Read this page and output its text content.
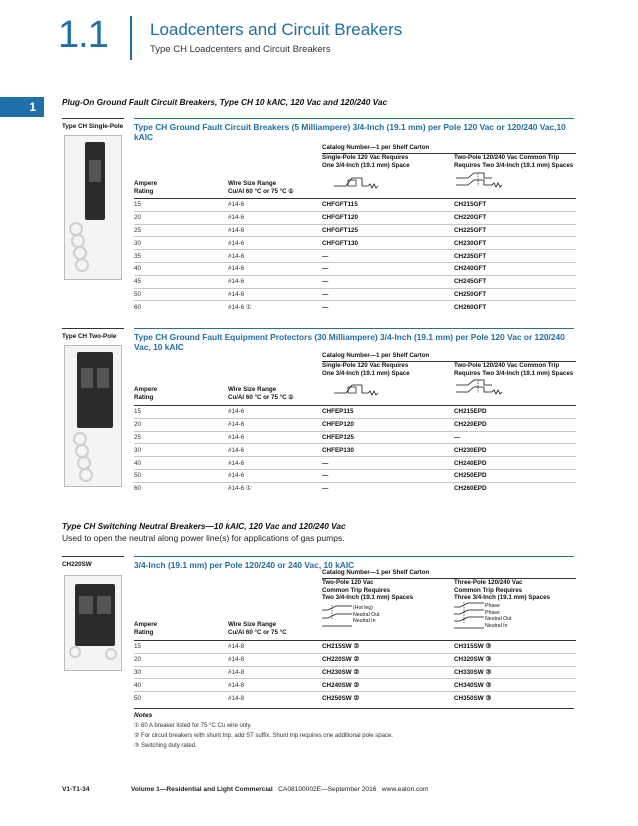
1.1 Loadcenters and Circuit Breakers
Type CH Loadcenters and Circuit Breakers
1	Plug-On Ground Fault Circuit Breakers, Type CH 10 kAIC, 120 Vac and 120/240 Vac
Type CH Single-Pole Type CH Ground Fault Circuit Breakers (5 Milliampere) 3/4-Inch (19.1 mm) per Pole 120 Vac or 120/240 Vac,10 kAIC
Catalog Number—1 per Shelf Carton
Single-Pole 120 Vac Requires
One 3/4-Inch (19.1 mm) Space
Two-Pole 120/240 Vac Common Trip
Requires Two 3/4-Inch (19.1 mm) Spaces
Ampere
Rating
Wire Size Range
Cu/Al 60 °C or 75 °C ①
15	#14-6	CHFGFT115	CH215GFT
20	#14-6	CHFGFT120	CH220GFT
25	#14-6	CHFGFT125	CH225GFT
30	#14-6	CHFGFT130	CH230GFT
35	#14-6	—	CH235GFT
40	#14-6	—	CH240GFT
45	#14-6	—	CH245GFT
50	#14-6	—	CH250GFT
60	#14-6 ①	—	CH260GFT
Type CH Two-Pole	Type CH Ground Fault Equipment Protectors (30 Milliampere) 3/4-Inch (19.1 mm) per Pole 120 Vac or 120/240 Vac, 10 kAIC
Catalog Number—1 per Shelf Carton
Single-Pole 120 Vac Requires
One 3/4-Inch (19.1 mm) Space
Two-Pole 120/240 Vac Common Trip
Requires Two 3/4-Inch (19.1 mm) Spaces
Ampere
Rating
Wire Size Range
Cu/Al 60 °C or 75 °C ①
15	#14-6	CHFEP115	CH215EPD
20	#14-6	CHFEP120	CH220EPD
25	#14-6	CHFEP125	—
30	#14-6	CHFEP130	CH230EPD
40	#14-6	—	CH240EPD
50	#14-6	—	CH250EPD
60	#14-6 ①	—	CH260EPD
Type CH Switching Neutral Breakers—10 kAIC, 120 Vac and 120/240 Vac
Used to open the neutral along power line(s) for applications of gas pumps.
CH220SW	3/4-Inch (19.1 mm) per Pole 120/240 or 240 Vac, 10 kAIC
Catalog Number—1 per Shelf Carton
Two-Pole 120 Vac
Common Trip Requires
Two 3/4-Inch (19.1 mm) Spaces
Three-Pole 120/240 Vac
Common Trip Requires
Three 3/4-Inch (19.1 mm) Spaces
Ampere
Rating
Wire Size Range
Cu/Al 60 °C or 75 °C
(Hot leg)
Neutral Out
Neutral In
Phase
Phase
Neutral Out
Neutral In
15	#14-8	CH215SW ②	CH315SW ③
20	#14-8	CH220SW ②	CH320SW ③
30	#14-8	CH230SW ②	CH330SW ③
40	#14-8	CH240SW ②	CH340SW ③
50	#14-8	CH250SW ②	CH350SW ③
Notes
① 60 A breaker listed for 75 °C Cu wire only.
② For circuit breakers with shunt trip, add ST suffix. Shunt trip requires one additional pole space.
③ Switching duty rated.
V1-T1-34	Volume 1—Residential and Light Commercial CA08100002E—September 2016 www.eaton.com
